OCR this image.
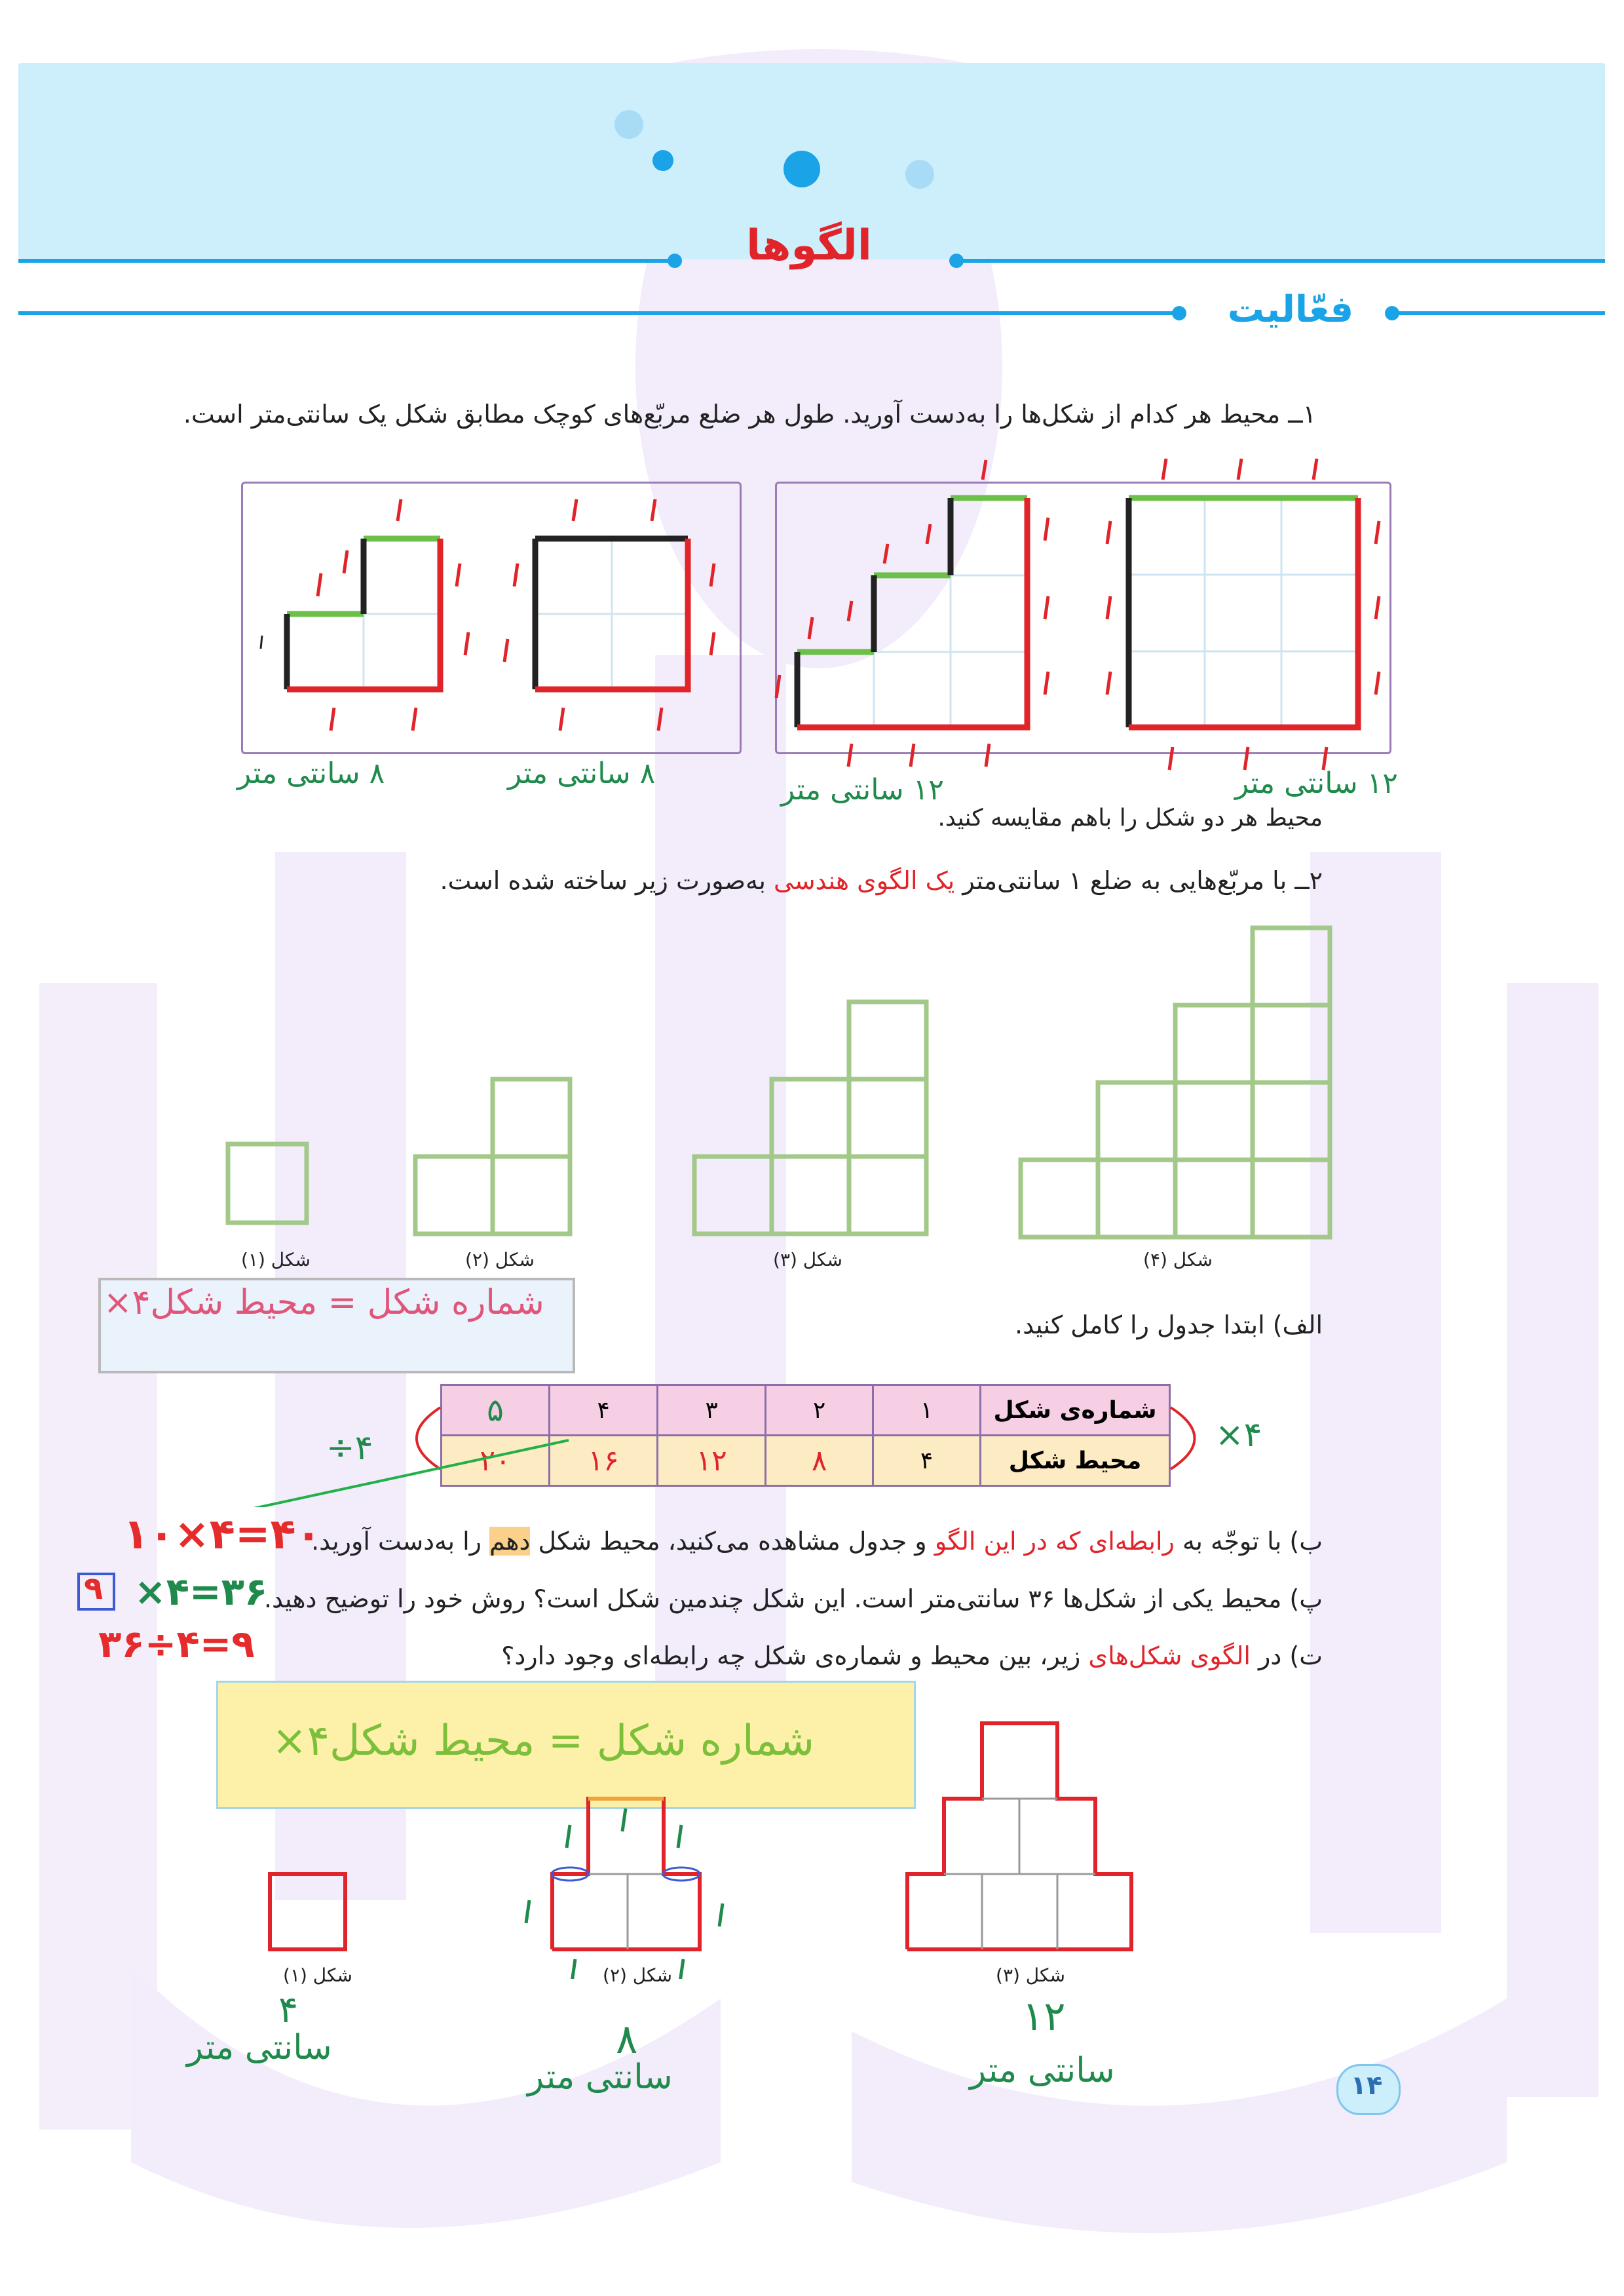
الگوها
فعّالیت
۱ــ محیط هر کدام از شکل‌ها را به‌دست آورید. طول هر ضلع مربّع‌های کوچک مطابق شکل یک سانتی‌متر است.
۱۲ سانتی متر
۱۲ سانتی متر
۸ سانتی متر
۸ سانتی متر
محیط هر دو شکل را باهم مقایسه کنید.
۲ــ با مربّع‌هایی به ضلع ۱ سانتی‌متر یک الگوی هندسی به‌صورت زیر ساخته شده است.
شکل (۱)	شکل (۲)	شکل (۳)	شکل (۴)
×۴شماره شکل = محیط شکل
الف) ابتدا جدول را کامل کنید.
شماره‌ی شکل	۱	۲	۳	۴	۵
محیط شکل	۴	۸	۱۲	۱۶	۲۰
÷۴	×۴
ب) با توجّه به رابطه‌ای که در این الگو و جدول مشاهده می‌کنید، محیط شکل دهم را به‌دست آورید.
۱۰×۴=۴۰
پ) محیط یکی از شکل‌ها ۳۶ سانتی‌متر است. این شکل چندمین شکل است؟ روش خود را توضیح دهید.
۹ ۳۶=۴×
۳۶÷۴=۹	ت) در الگوی شکل‌های زیر، بین محیط و شماره‌ی شکل چه رابطه‌ای وجود دارد؟
×۴شماره شکل = محیط شکل
شکل (۱)	شکل (۲)	شکل (۳)
۴
سانتی متر	۸
سانتی متر
۱۲
سانتی متر	۱۴
